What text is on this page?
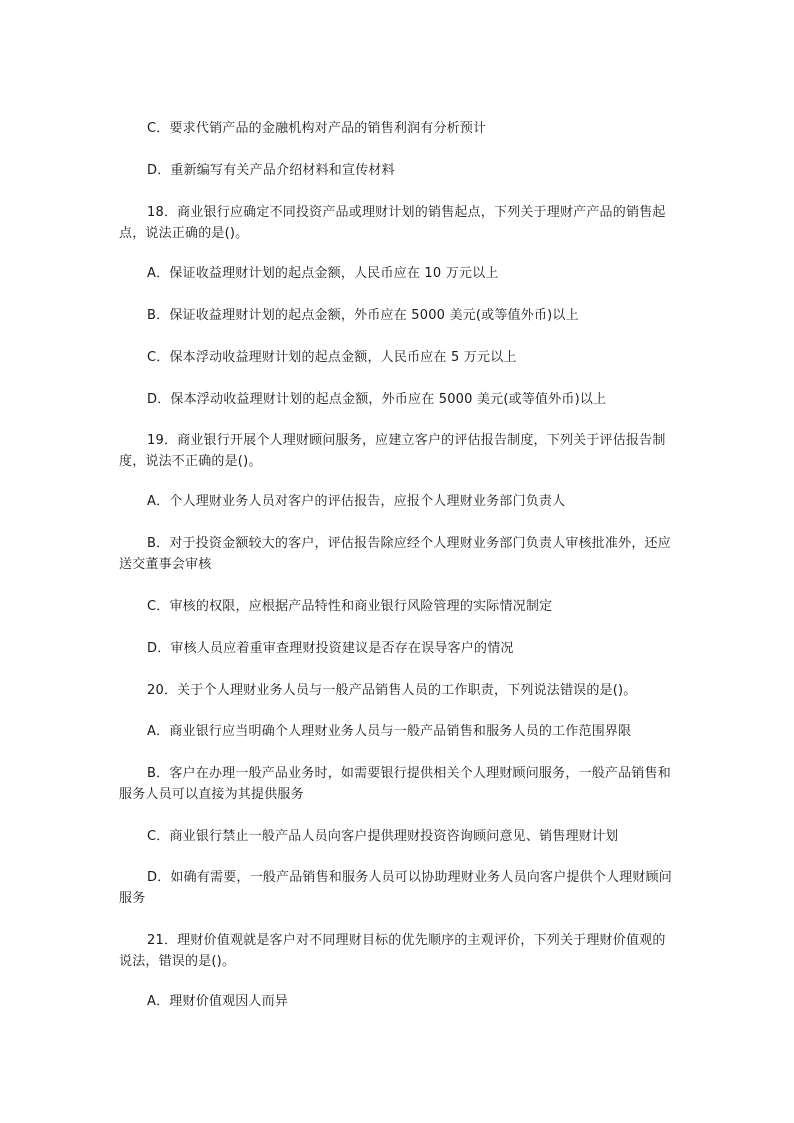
C．要求代销产品的金融机构对产品的销售利润有分析预计

D．重新编写有关产品介绍材料和宣传材料

18．商业银行应确定不同投资产品或理财计划的销售起点，下列关于理财产产品的销售起点，说法正确的是()。

A．保证收益理财计划的起点金额，人民币应在 10 万元以上

B．保证收益理财计划的起点金额，外币应在 5000 美元(或等值外币)以上

C．保本浮动收益理财计划的起点金额，人民币应在 5 万元以上

D．保本浮动收益理财计划的起点金额，外币应在 5000 美元(或等值外币)以上

19．商业银行开展个人理财顾问服务，应建立客户的评估报告制度，下列关于评估报告制度，说法不正确的是()。

A．个人理财业务人员对客户的评估报告，应报个人理财业务部门负责人

B．对于投资金额较大的客户，评估报告除应经个人理财业务部门负责人审核批准外，还应送交董事会审核

C．审核的权限，应根据产品特性和商业银行风险管理的实际情况制定

D．审核人员应着重审查理财投资建议是否存在误导客户的情况

20．关于个人理财业务人员与一般产品销售人员的工作职责，下列说法错误的是()。

A．商业银行应当明确个人理财业务人员与一般产品销售和服务人员的工作范围界限

B．客户在办理一般产品业务时，如需要银行提供相关个人理财顾问服务，一般产品销售和服务人员可以直接为其提供服务

C．商业银行禁止一般产品人员向客户提供理财投资咨询顾问意见、销售理财计划

D．如确有需要，一般产品销售和服务人员可以协助理财业务人员向客户提供个人理财顾问服务

21．理财价值观就是客户对不同理财目标的优先顺序的主观评价，下列关于理财价值观的说法，错误的是()。

A．理财价值观因人而异
